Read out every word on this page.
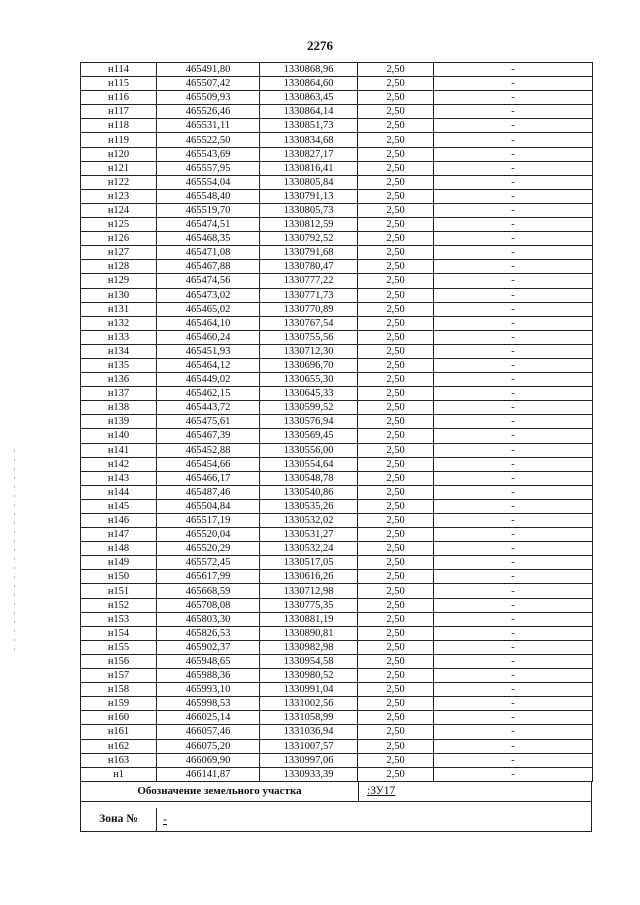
2276
н114	465491,80	1330868,96	2,50	-
н115	465507,42	1330864,60	2,50	-
н116	465509,93	1330863,45	2,50	-
н117	465526,46	1330864,14	2,50	-
н118	465531,11	1330851,73	2,50	-
н119	465522,50	1330834,68	2,50	-
н120	465543,69	1330827,17	2,50	-
н121	465557,95	1330816,41	2,50	-
н122	465554,04	1330805,84	2,50	-
н123	465548,40	1330791,13	2,50	-
н124	465519,70	1330805,73	2,50	-
н125	465474,51	1330812,59	2,50	-
н126	465468,35	1330792,52	2,50	-
н127	465471,08	1330791,68	2,50	-
н128	465467,88	1330780,47	2,50	-
н129	465474,56	1330777,22	2,50	-
н130	465473,02	1330771,73	2,50	-
н131	465465,02	1330770,89	2,50	-
н132	465464,10	1330767,54	2,50	-
н133	465460,24	1330755,56	2,50	-
н134	465451,93	1330712,30	2,50	-
н135	465464,12	1330696,70	2,50	-
н136	465449,02	1330655,30	2,50	-
н137	465462,15	1330645,33	2,50	-
н138	465443,72	1330599,52	2,50	-
н139	465475,61	1330576,94	2,50	-
н140	465467,39	1330569,45	2,50	-
н141	465452,88	1330556,00	2,50	-
н142	465454,66	1330554,64	2,50	-
н143	465466,17	1330548,78	2,50	-
н144	465487,46	1330540,86	2,50	-
н145	465504,84	1330535,26	2,50	-
н146	465517,19	1330532,02	2,50	-
н147	465520,04	1330531,27	2,50	-
н148	465520,29	1330532,24	2,50	-
н149	465572,45	1330517,05	2,50	-
н150	465617,99	1330616,26	2,50	-
н151	465668,59	1330712,98	2,50	-
н152	465708,08	1330775,35	2,50	-
н153	465803,30	1330881,19	2,50	-
н154	465826,53	1330890,81	2,50	-
н155	465902,37	1330982,98	2,50	-
н156	465948,65	1330954,58	2,50	-
н157	465988,36	1330980,52	2,50	-
н158	465993,10	1330991,04	2,50	-
н159	465998,53	1331002,56	2,50	-
н160	466025,14	1331058,99	2,50	-
н161	466057,46	1331036,94	2,50	-
н162	466075,20	1331007,57	2,50	-
н163	466069,90	1330997,06	2,50	-
н1	466141,87	1330933,39	2,50	-
Обозначение земельного участка	:ЗУ17
Зона №	-
